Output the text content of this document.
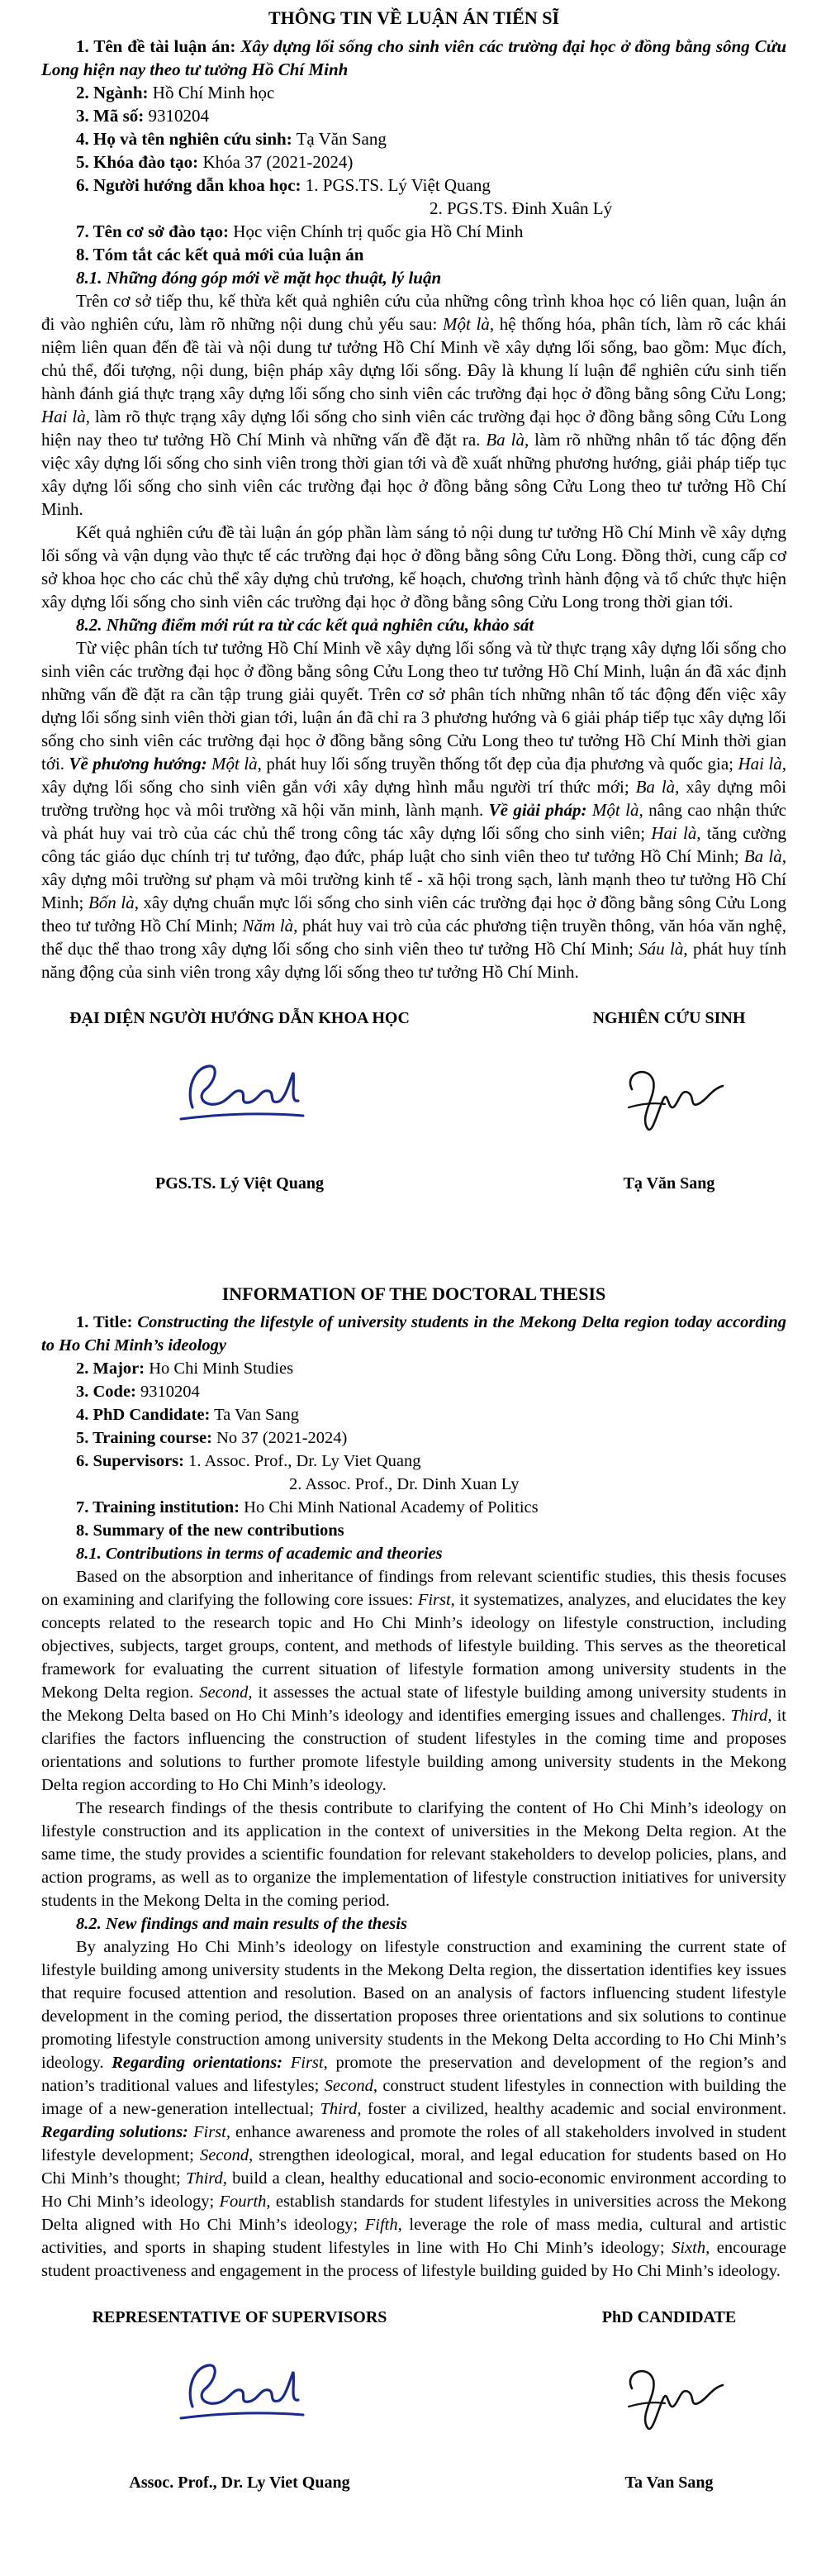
THÔNG TIN VỀ LUẬN ÁN TIẾN SĨ

1. Tên đề tài luận án: Xây dựng lối sống cho sinh viên các trường đại học ở đồng bằng sông Cửu Long hiện nay theo tư tưởng Hồ Chí Minh

2. Ngành: Hồ Chí Minh học

3. Mã số: 9310204

4. Họ và tên nghiên cứu sinh: Tạ Văn Sang

5. Khóa đào tạo: Khóa 37 (2021-2024)

6. Người hướng dẫn khoa học: 1. PGS.TS. Lý Việt Quang

2. PGS.TS. Đinh Xuân Lý

7. Tên cơ sở đào tạo: Học viện Chính trị quốc gia Hồ Chí Minh

8. Tóm tắt các kết quả mới của luận án

8.1. Những đóng góp mới về mặt học thuật, lý luận

Trên cơ sở tiếp thu, kế thừa kết quả nghiên cứu của những công trình khoa học có liên quan, luận án đi vào nghiên cứu, làm rõ những nội dung chủ yếu sau: Một là, hệ thống hóa, phân tích, làm rõ các khái niệm liên quan đến đề tài và nội dung tư tưởng Hồ Chí Minh về xây dựng lối sống, bao gồm: Mục đích, chủ thể, đối tượng, nội dung, biện pháp xây dựng lối sống. Đây là khung lí luận để nghiên cứu sinh tiến hành đánh giá thực trạng xây dựng lối sống cho sinh viên các trường đại học ở đồng bằng sông Cửu Long; Hai là, làm rõ thực trạng xây dựng lối sống cho sinh viên các trường đại học ở đồng bằng sông Cửu Long hiện nay theo tư tưởng Hồ Chí Minh và những vấn đề đặt ra. Ba là, làm rõ những nhân tố tác động đến việc xây dựng lối sống cho sinh viên trong thời gian tới và đề xuất những phương hướng, giải pháp tiếp tục xây dựng lối sống cho sinh viên các trường đại học ở đồng bằng sông Cửu Long theo tư tưởng Hồ Chí Minh.

Kết quả nghiên cứu đề tài luận án góp phần làm sáng tỏ nội dung tư tưởng Hồ Chí Minh về xây dựng lối sống và vận dụng vào thực tế các trường đại học ở đồng bằng sông Cửu Long. Đồng thời, cung cấp cơ sở khoa học cho các chủ thể xây dựng chủ trương, kế hoạch, chương trình hành động và tổ chức thực hiện xây dựng lối sống cho sinh viên các trường đại học ở đồng bằng sông Cửu Long trong thời gian tới.

8.2. Những điểm mới rút ra từ các kết quả nghiên cứu, khảo sát

Từ việc phân tích tư tưởng Hồ Chí Minh về xây dựng lối sống và từ thực trạng xây dựng lối sống cho sinh viên các trường đại học ở đồng bằng sông Cửu Long theo tư tưởng Hồ Chí Minh, luận án đã xác định những vấn đề đặt ra cần tập trung giải quyết. Trên cơ sở phân tích những nhân tố tác động đến việc xây dựng lối sống sinh viên thời gian tới, luận án đã chỉ ra 3 phương hướng và 6 giải pháp tiếp tục xây dựng lối sống cho sinh viên các trường đại học ở đồng bằng sông Cửu Long theo tư tưởng Hồ Chí Minh thời gian tới. Về phương hướng: Một là, phát huy lối sống truyền thống tốt đẹp của địa phương và quốc gia; Hai là, xây dựng lối sống cho sinh viên gắn với xây dựng hình mẫu người trí thức mới; Ba là, xây dựng môi trường trường học và môi trường xã hội văn minh, lành mạnh. Về giải pháp: Một là, nâng cao nhận thức và phát huy vai trò của các chủ thể trong công tác xây dựng lối sống cho sinh viên; Hai là, tăng cường công tác giáo dục chính trị tư tưởng, đạo đức, pháp luật cho sinh viên theo tư tưởng Hồ Chí Minh; Ba là, xây dựng môi trường sư phạm và môi trường kinh tế - xã hội trong sạch, lành mạnh theo tư tưởng Hồ Chí Minh; Bốn là, xây dựng chuẩn mực lối sống cho sinh viên các trường đại học ở đồng bằng sông Cửu Long theo tư tưởng Hồ Chí Minh; Năm là, phát huy vai trò của các phương tiện truyền thông, văn hóa văn nghệ, thể dục thể thao trong xây dựng lối sống cho sinh viên theo tư tưởng Hồ Chí Minh; Sáu là, phát huy tính năng động của sinh viên trong xây dựng lối sống theo tư tưởng Hồ Chí Minh.

ĐẠI DIỆN NGƯỜI HƯỚNG DẪN KHOA HỌC
PGS.TS. Lý Việt Quang
NGHIÊN CỨU SINH
Tạ Văn Sang
INFORMATION OF THE DOCTORAL THESIS

1. Title: Constructing the lifestyle of university students in the Mekong Delta region today according to Ho Chi Minh’s ideology

2. Major: Ho Chi Minh Studies

3. Code: 9310204

4. PhD Candidate: Ta Van Sang

5. Training course: No 37 (2021-2024)

6. Supervisors: 1. Assoc. Prof., Dr. Ly Viet Quang

2. Assoc. Prof., Dr. Dinh Xuan Ly

7. Training institution: Ho Chi Minh National Academy of Politics

8. Summary of the new contributions

8.1. Contributions in terms of academic and theories

Based on the absorption and inheritance of findings from relevant scientific studies, this thesis focuses on examining and clarifying the following core issues: First, it systematizes, analyzes, and elucidates the key concepts related to the research topic and Ho Chi Minh’s ideology on lifestyle construction, including objectives, subjects, target groups, content, and methods of lifestyle building. This serves as the theoretical framework for evaluating the current situation of lifestyle formation among university students in the Mekong Delta region. Second, it assesses the actual state of lifestyle building among university students in the Mekong Delta based on Ho Chi Minh’s ideology and identifies emerging issues and challenges. Third, it clarifies the factors influencing the construction of student lifestyles in the coming time and proposes orientations and solutions to further promote lifestyle building among university students in the Mekong Delta region according to Ho Chi Minh’s ideology.

The research findings of the thesis contribute to clarifying the content of Ho Chi Minh’s ideology on lifestyle construction and its application in the context of universities in the Mekong Delta region. At the same time, the study provides a scientific foundation for relevant stakeholders to develop policies, plans, and action programs, as well as to organize the implementation of lifestyle construction initiatives for university students in the Mekong Delta in the coming period.

8.2. New findings and main results of the thesis

By analyzing Ho Chi Minh’s ideology on lifestyle construction and examining the current state of lifestyle building among university students in the Mekong Delta region, the dissertation identifies key issues that require focused attention and resolution. Based on an analysis of factors influencing student lifestyle development in the coming period, the dissertation proposes three orientations and six solutions to continue promoting lifestyle construction among university students in the Mekong Delta according to Ho Chi Minh’s ideology. Regarding orientations: First, promote the preservation and development of the region’s and nation’s traditional values and lifestyles; Second, construct student lifestyles in connection with building the image of a new-generation intellectual; Third, foster a civilized, healthy academic and social environment. Regarding solutions: First, enhance awareness and promote the roles of all stakeholders involved in student lifestyle development; Second, strengthen ideological, moral, and legal education for students based on Ho Chi Minh’s thought; Third, build a clean, healthy educational and socio-economic environment according to Ho Chi Minh’s ideology; Fourth, establish standards for student lifestyles in universities across the Mekong Delta aligned with Ho Chi Minh’s ideology; Fifth, leverage the role of mass media, cultural and artistic activities, and sports in shaping student lifestyles in line with Ho Chi Minh’s ideology; Sixth, encourage student proactiveness and engagement in the process of lifestyle building guided by Ho Chi Minh’s ideology.

REPRESENTATIVE OF SUPERVISORS
Assoc. Prof., Dr. Ly Viet Quang
PhD CANDIDATE
Ta Van Sang
